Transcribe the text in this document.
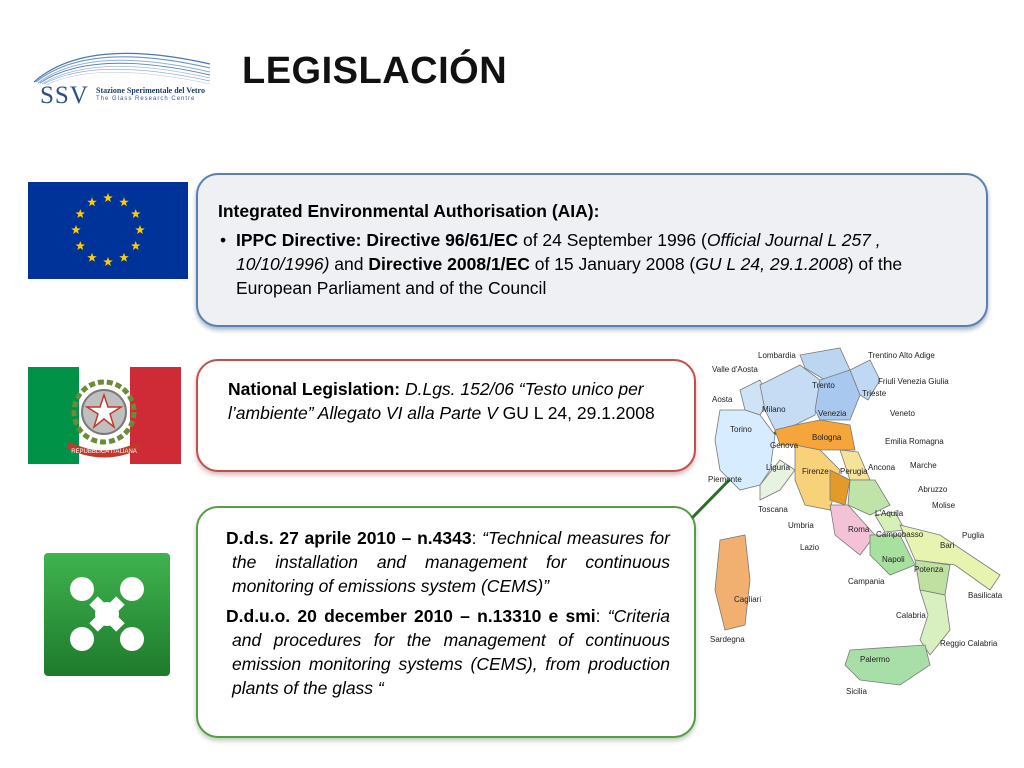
SSV Stazione Sperimentale del Vetro
The Glass Research Centre
LEGISLACIÓN

Integrated Environmental Authorisation (AIA):

• IPPC Directive: Directive 96/61/EC of 24 September 1996 (Official Journal L 257 , 10/10/1996) and Directive 2008/1/EC of 15 January 2008 (GU L 24, 29.1.2008) of the European Parliament and of the Council
REPUBBLICA ITALIANA

National Legislation: D.Lgs. 152/06 “Testo unico per l’ambiente” Allegato VI alla Parte V GU L 24, 29.1.2008

D.d.s. 27 aprile 2010 – n.4343: “Technical measures for the installation and management for continuous monitoring of emissions system (CEMS)”

D.d.u.o. 20 december 2010 – n.13310 e smi: “Criteria and procedures for the management of continuous emission monitoring systems (CEMS), from production plants of the glass “

Lombardia	Trentino Alto Adige
Valle d'Aosta
Friuli Venezia Giulia
Aosta
Trento
Trieste
Milano	Venezia	Veneto
Torino
Genova
Bologna	Emilia Romagna
Liguria Firenze	Ancona Marche
Piemonte
Perugia
Abruzzo
Toscana	L'Aquila
Molise
Umbria	Roma
Campobasso	Puglia
Lazio
Napoli
Bari
Potenza
Campania
Basilicata
Cagliari
Calabria
Sardegna	Reggio Calabria
Palermo
Sicilia
